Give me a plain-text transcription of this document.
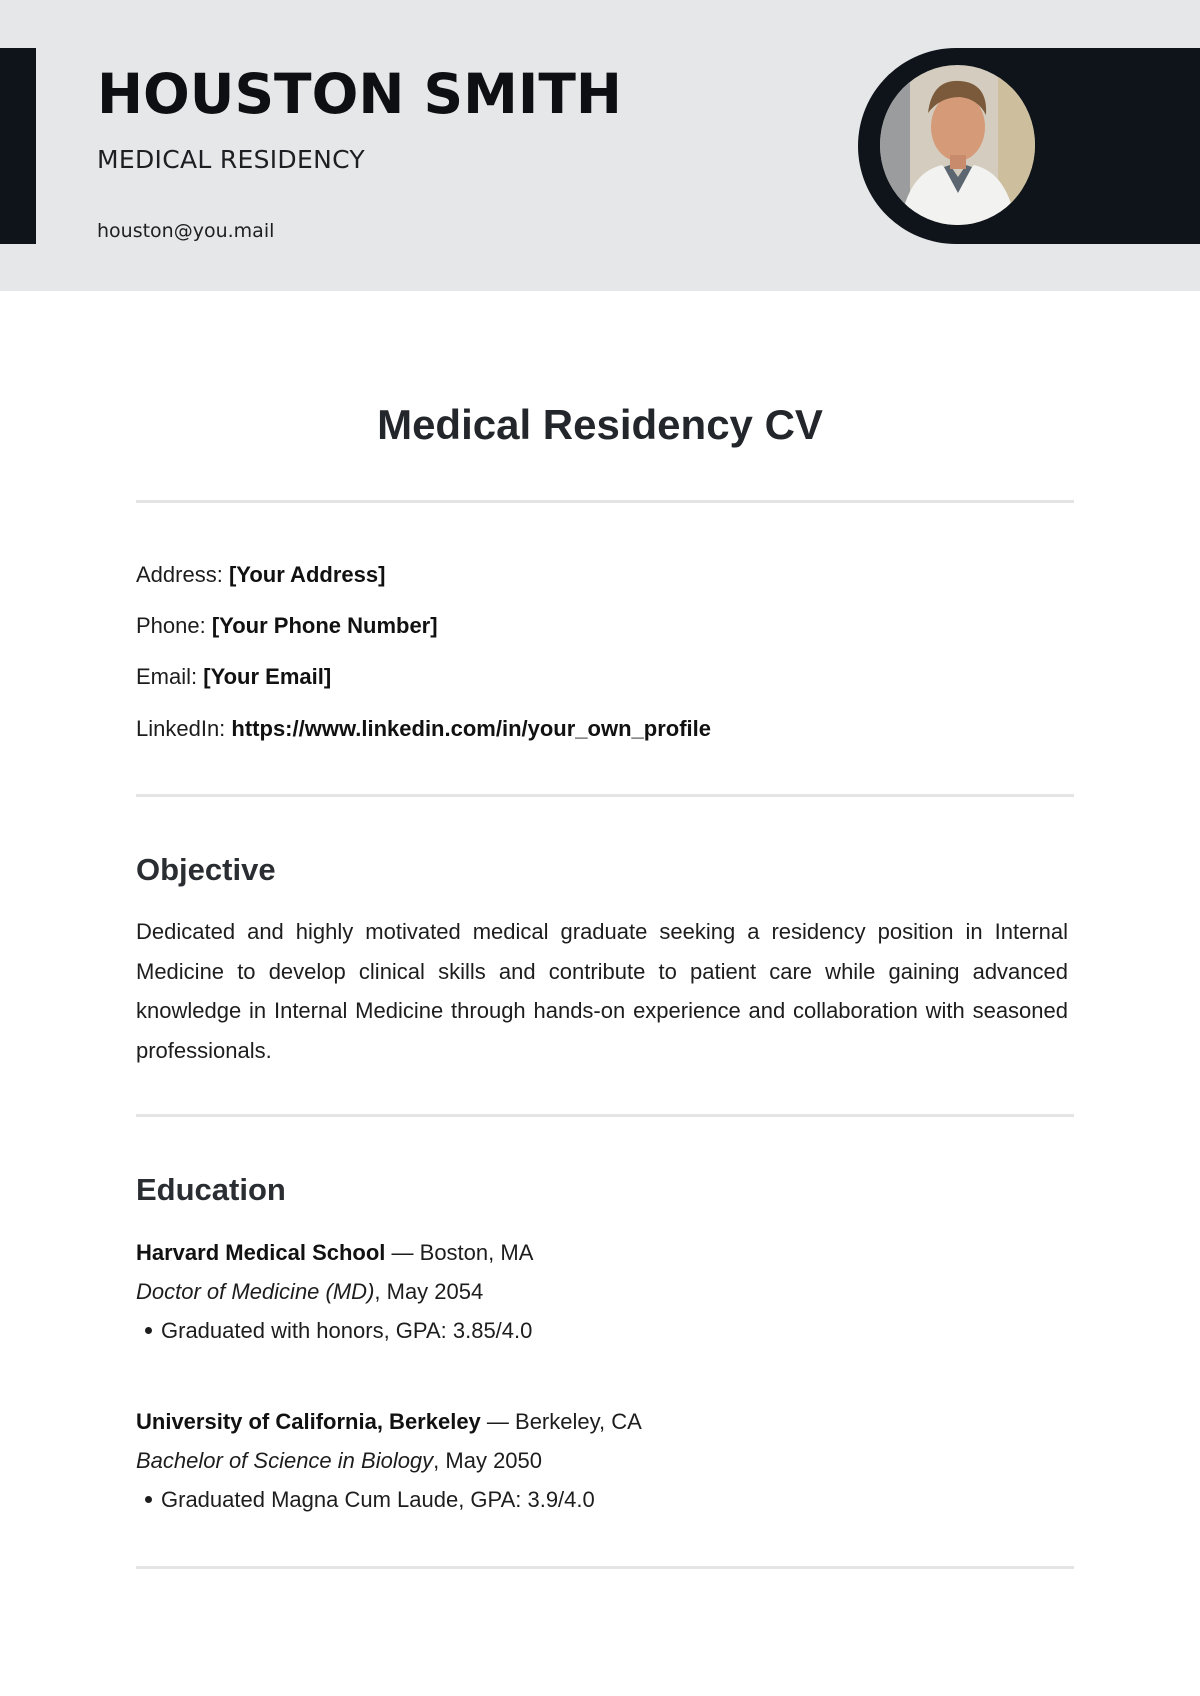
HOUSTON SMITH
MEDICAL RESIDENCY
houston@you.mail
Medical Residency CV
Address: [Your Address]
Phone: [Your Phone Number]
Email: [Your Email]
LinkedIn: https://www.linkedin.com/in/your_own_profile
Objective
Dedicated and highly motivated medical graduate seeking a residency position in Internal Medicine to develop clinical skills and contribute to patient care while gaining advanced knowledge in Internal Medicine through hands-on experience and collaboration with seasoned professionals.
Education
Harvard Medical School — Boston, MA
Doctor of Medicine (MD), May 2054
Graduated with honors, GPA: 3.85/4.0
University of California, Berkeley — Berkeley, CA
Bachelor of Science in Biology, May 2050
Graduated Magna Cum Laude, GPA: 3.9/4.0
